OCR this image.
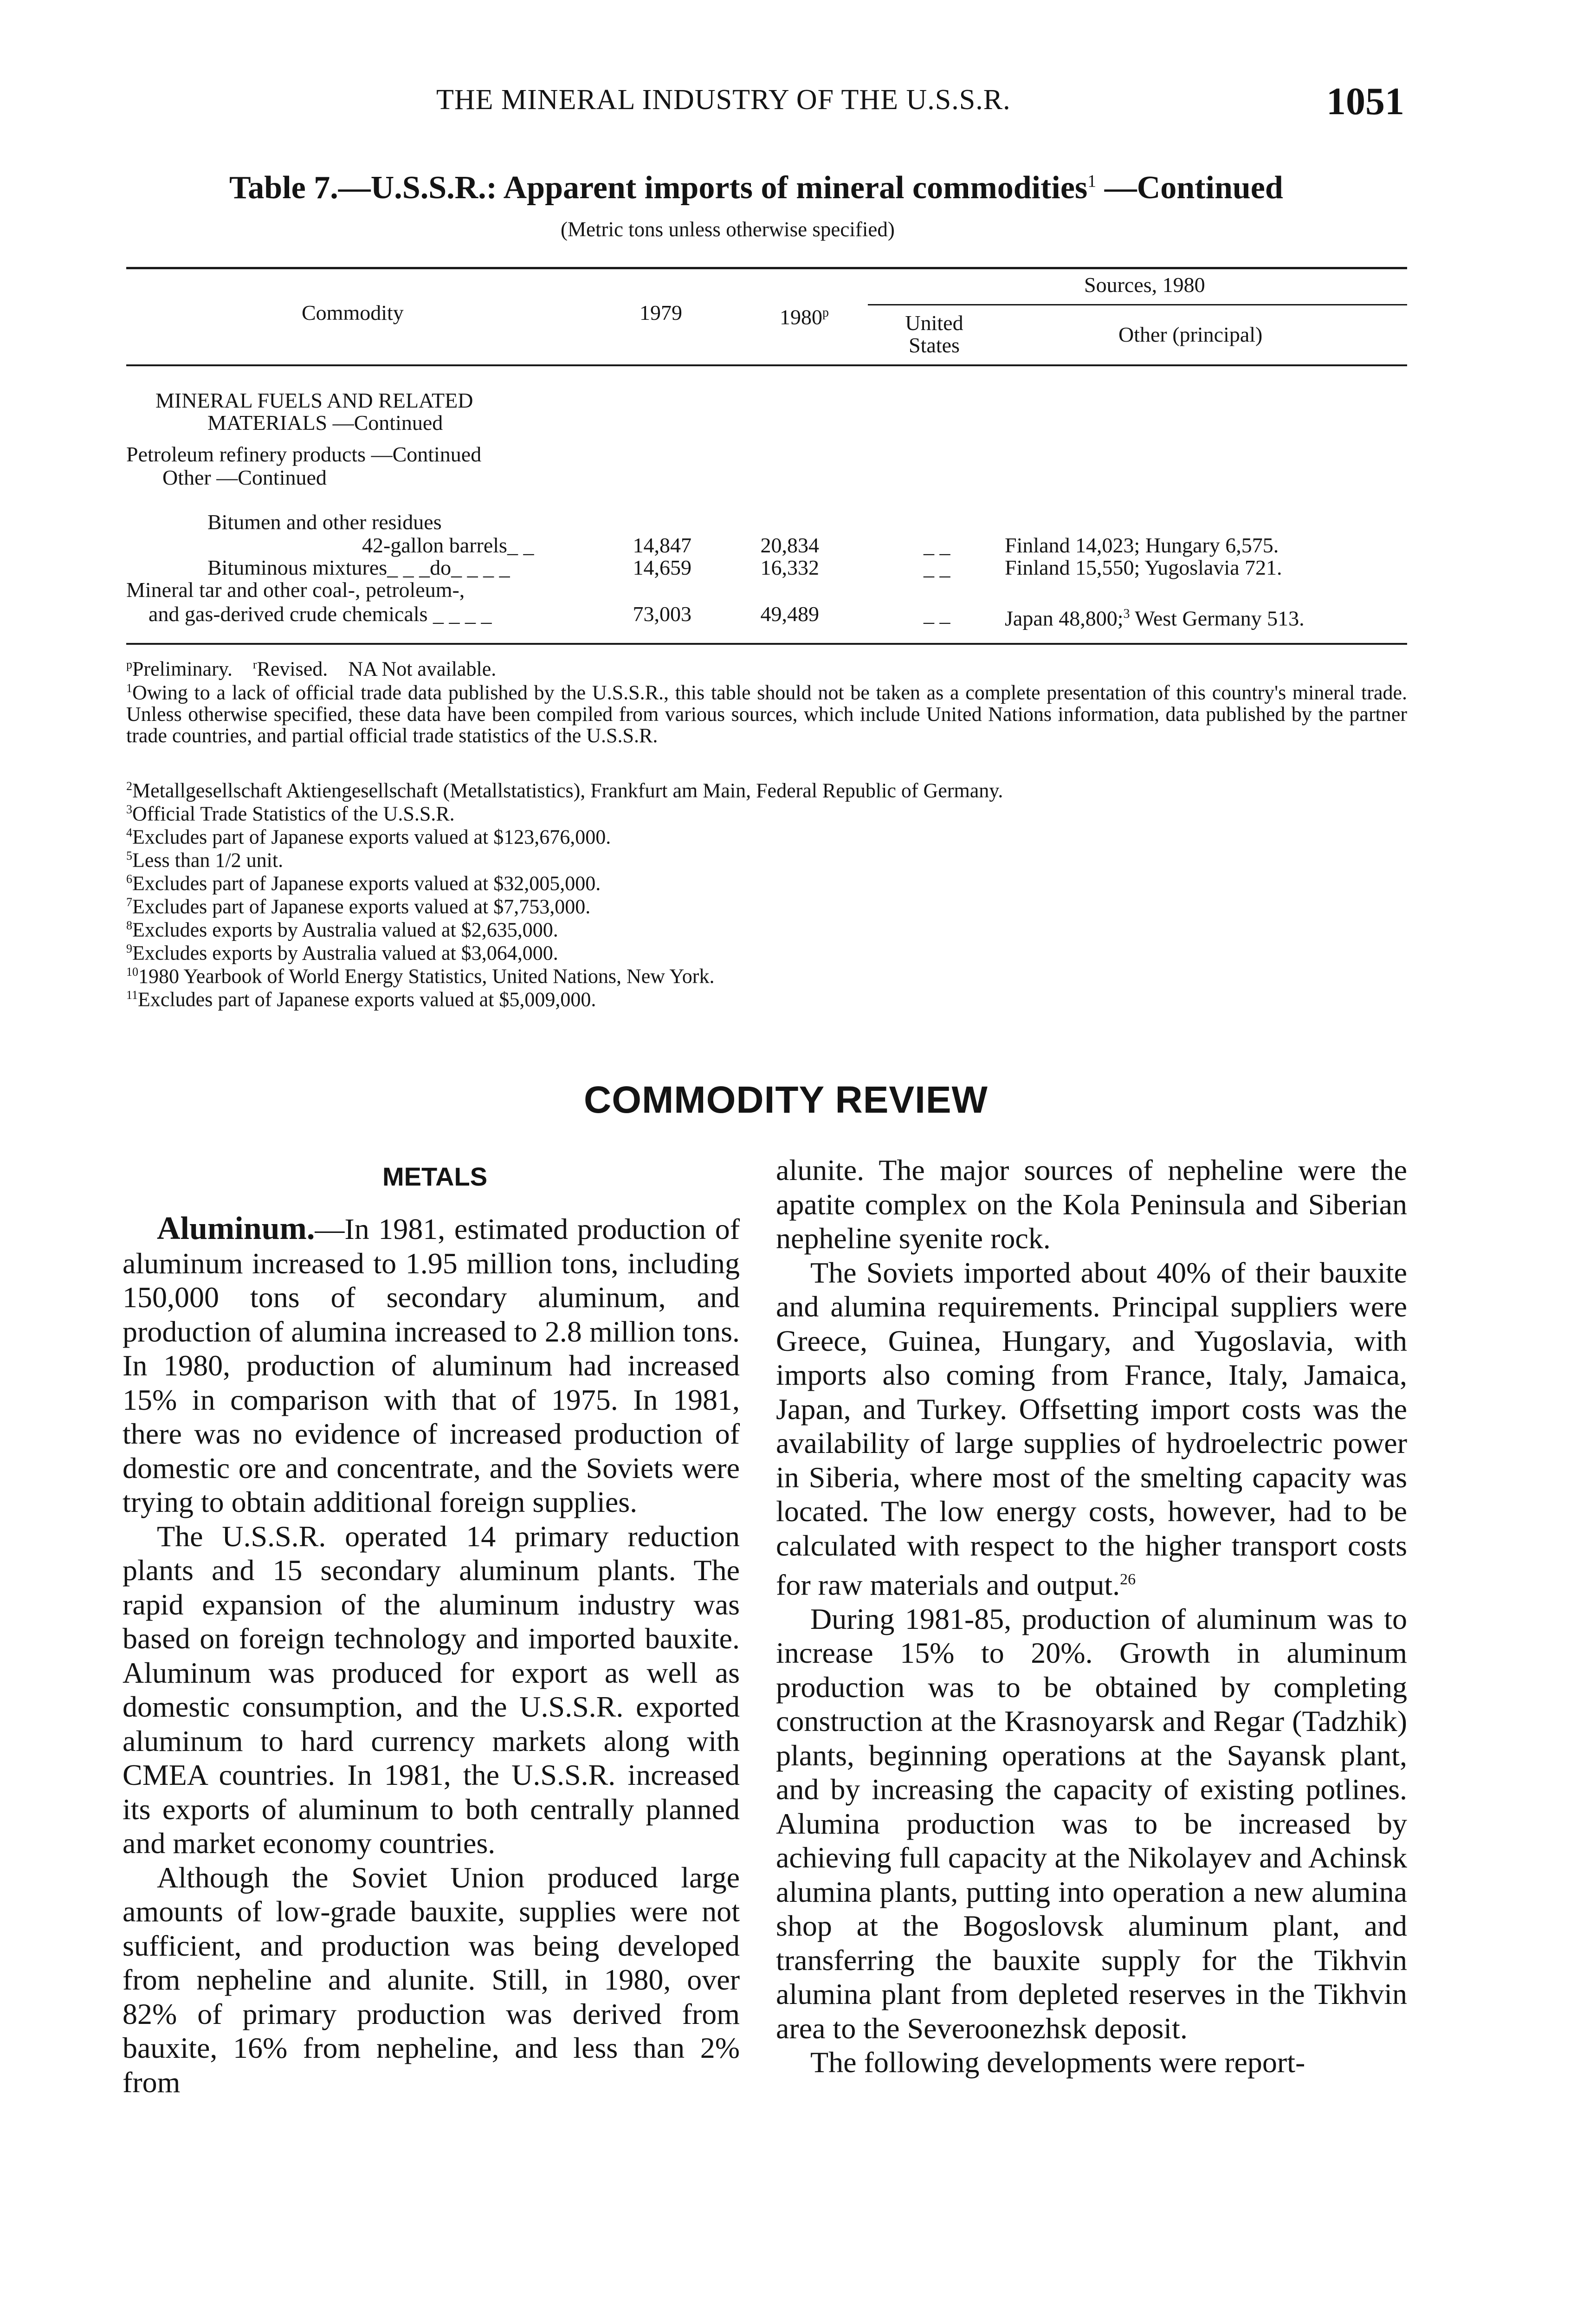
THE MINERAL INDUSTRY OF THE U.S.S.R.	1051
Table 7.—U.S.S.R.: Apparent imports of mineral commodities$^1$ —Continued
(Metric tons unless otherwise specified)
Commodity	1979	1980$^p$
Sources, 1980
United
States	Other (principal)
MINERAL FUELS AND RELATED
MATERIALS —Continued
Petroleum refinery products —Continued
Other —Continued
Bitumen and other residues
42-gallon barrels_ _	14,847	20,834	_ _	Finland 14,023; Hungary 6,575.
Bituminous mixtures_ _ _do_ _ _ _	14,659	16,332	_ _	Finland 15,550; Yugoslavia 721.
Mineral tar and other coal-, petroleum-,
and gas-derived crude chemicals _ _ _ _	73,003	49,489	_ _	Japan 48,800;$^3$ West Germany 513.
$^p$Preliminary. $^r$Revised. NA Not available.
$^1$Owing to a lack of official trade data published by the U.S.S.R., this table should not be taken as a complete presentation of this country's mineral trade. Unless otherwise specified, these data have been compiled from various sources, which include United Nations information, data published by the partner trade countries, and partial official trade statistics of the U.S.S.R.
$^2$Metallgesellschaft Aktiengesellschaft (Metallstatistics), Frankfurt am Main, Federal Republic of Germany.
$^3$Official Trade Statistics of the U.S.S.R.
$^4$Excludes part of Japanese exports valued at $123,676,000.
$^5$Less than 1/2 unit.
$^6$Excludes part of Japanese exports valued at $32,005,000.
$^7$Excludes part of Japanese exports valued at $7,753,000.
$^8$Excludes exports by Australia valued at $2,635,000.
$^9$Excludes exports by Australia valued at $3,064,000.
$^{10}$1980 Yearbook of World Energy Statistics, United Nations, New York.
$^{11}$Excludes part of Japanese exports valued at $5,009,000.
COMMODITY REVIEW
METALS

Aluminum.—In 1981, estimated production of aluminum increased to 1.95 million tons, including 150,000 tons of secondary aluminum, and production of alumina increased to 2.8 million tons. In 1980, production of aluminum had increased 15% in comparison with that of 1975. In 1981, there was no evidence of increased production of domestic ore and concentrate, and the Soviets were trying to obtain additional foreign supplies.

The U.S.S.R. operated 14 primary reduction plants and 15 secondary aluminum plants. The rapid expansion of the aluminum industry was based on foreign technology and imported bauxite. Aluminum was produced for export as well as domestic consumption, and the U.S.S.R. exported aluminum to hard currency markets along with CMEA countries. In 1981, the U.S.S.R. increased its exports of aluminum to both centrally planned and market economy countries.

Although the Soviet Union produced large amounts of low-grade bauxite, supplies were not sufficient, and production was being developed from nepheline and alunite. Still, in 1980, over 82% of primary production was derived from bauxite, 16% from nepheline, and less than 2% from

alunite. The major sources of nepheline were the apatite complex on the Kola Peninsula and Siberian nepheline syenite rock.

The Soviets imported about 40% of their bauxite and alumina requirements. Principal suppliers were Greece, Guinea, Hungary, and Yugoslavia, with imports also coming from France, Italy, Jamaica, Japan, and Turkey. Offsetting import costs was the availability of large supplies of hydroelectric power in Siberia, where most of the smelting capacity was located. The low energy costs, however, had to be calculated with respect to the higher transport costs for raw materials and output.$^{26}$

During 1981-85, production of aluminum was to increase 15% to 20%. Growth in aluminum production was to be obtained by completing construction at the Krasnoyarsk and Regar (Tadzhik) plants, beginning operations at the Sayansk plant, and by increasing the capacity of existing potlines. Alumina production was to be increased by achieving full capacity at the Nikolayev and Achinsk alumina plants, putting into operation a new alumina shop at the Bogoslovsk aluminum plant, and transferring the bauxite supply for the Tikhvin alumina plant from depleted reserves in the Tikhvin area to the Severoonezhsk deposit.

The following developments were report-
